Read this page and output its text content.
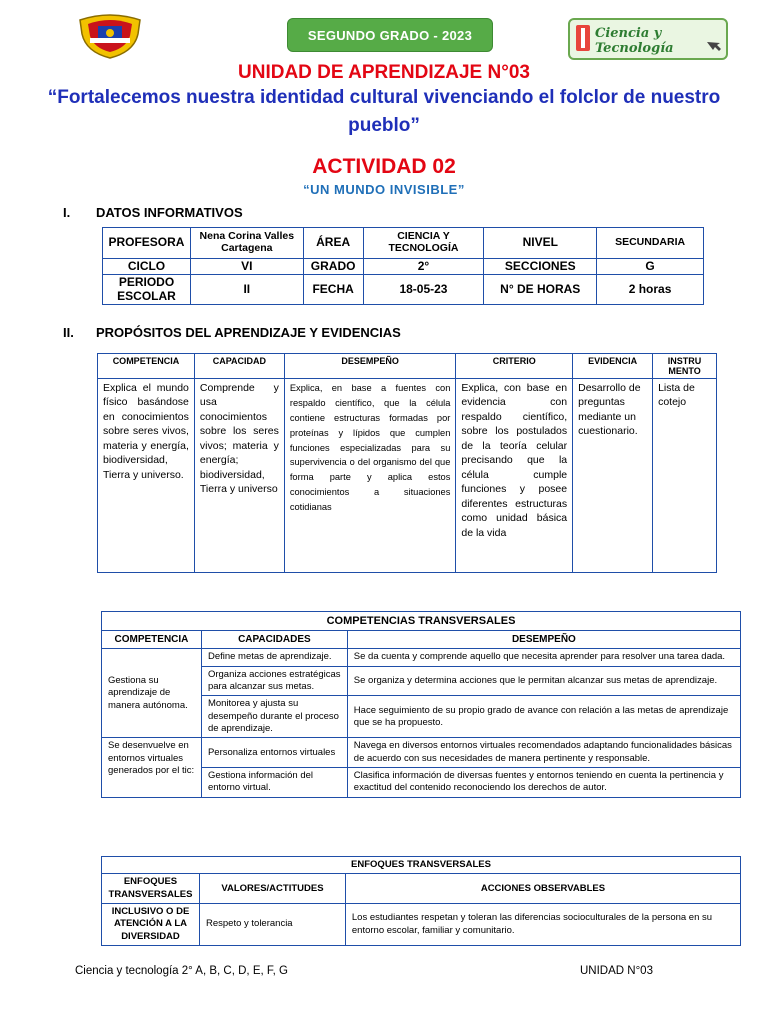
SEGUNDO GRADO - 2023	Ciencia y
Tecnología
UNIDAD DE APRENDIZAJE N°03
“Fortalecemos nuestra identidad cultural vivenciando el folclor de nuestro
pueblo”
ACTIVIDAD 02
“UN MUNDO INVISIBLE”
I. DATOS INFORMATIVOS
PROFESORA	Nena Corina Valles Cartagena	ÁREA	CIENCIA Y TECNOLOGÍA	NIVEL	SECUNDARIA
CICLO	VI	GRADO	2°	SECCIONES	G
PERIODO ESCOLAR	II	FECHA	18-05-23	N° DE HORAS	2 horas
II. PROPÓSITOS DEL APRENDIZAJE Y EVIDENCIAS
COMPETENCIA	CAPACIDAD	DESEMPEÑO	CRITERIO	EVIDENCIA	INSTRU MENTO
Explica el mundo físico basándose en conocimientos sobre seres vivos, materia y energía, biodiversidad, Tierra y universo.	Comprende y usa conocimientos sobre los seres vivos; materia y energía; biodiversidad, Tierra y universo	Explica, en base a fuentes con respaldo científico, que la célula contiene estructuras formadas por proteínas y lípidos que cumplen funciones especializadas para su supervivencia o del organismo del que forma parte y aplica estos conocimientos a situaciones cotidianas	Explica, con base en evidencia con respaldo científico, sobre los postulados de la teoría celular precisando que la célula cumple funciones y posee diferentes estructuras como unidad básica de la vida	Desarrollo de preguntas mediante un cuestionario.	Lista de cotejo
COMPETENCIAS TRANSVERSALES		
COMPETENCIA	CAPACIDADES	DESEMPEÑO
Gestiona su aprendizaje de manera autónoma.	Define metas de aprendizaje.	Se da cuenta y comprende aquello que necesita aprender para resolver una tarea dada.
	Organiza acciones estratégicas para alcanzar sus metas.	Se organiza y determina acciones que le permitan alcanzar sus metas de aprendizaje.
	Monitorea y ajusta su desempeño durante el proceso de aprendizaje.	Hace seguimiento de su propio grado de avance con relación a las metas de aprendizaje que se ha propuesto.
Se desenvuelve en entornos virtuales generados por el tic:	Personaliza entornos virtuales	Navega en diversos entornos virtuales recomendados adaptando funcionalidades básicas de acuerdo con sus necesidades de manera pertinente y responsable.
	Gestiona información del entorno virtual.	Clasifica información de diversas fuentes y entornos teniendo en cuenta la pertinencia y exactitud del contenido reconociendo los derechos de autor.
ENFOQUES TRANSVERSALES		
ENFOQUES TRANSVERSALES	VALORES/ACTITUDES	ACCIONES OBSERVABLES
INCLUSIVO O DE ATENCIÓN A LA DIVERSIDAD	Respeto y tolerancia	Los estudiantes respetan y toleran las diferencias socioculturales de la persona en su entorno escolar, familiar y comunitario.
Ciencia y tecnología 2° A, B, C, D, E, F, G	UNIDAD N°03
